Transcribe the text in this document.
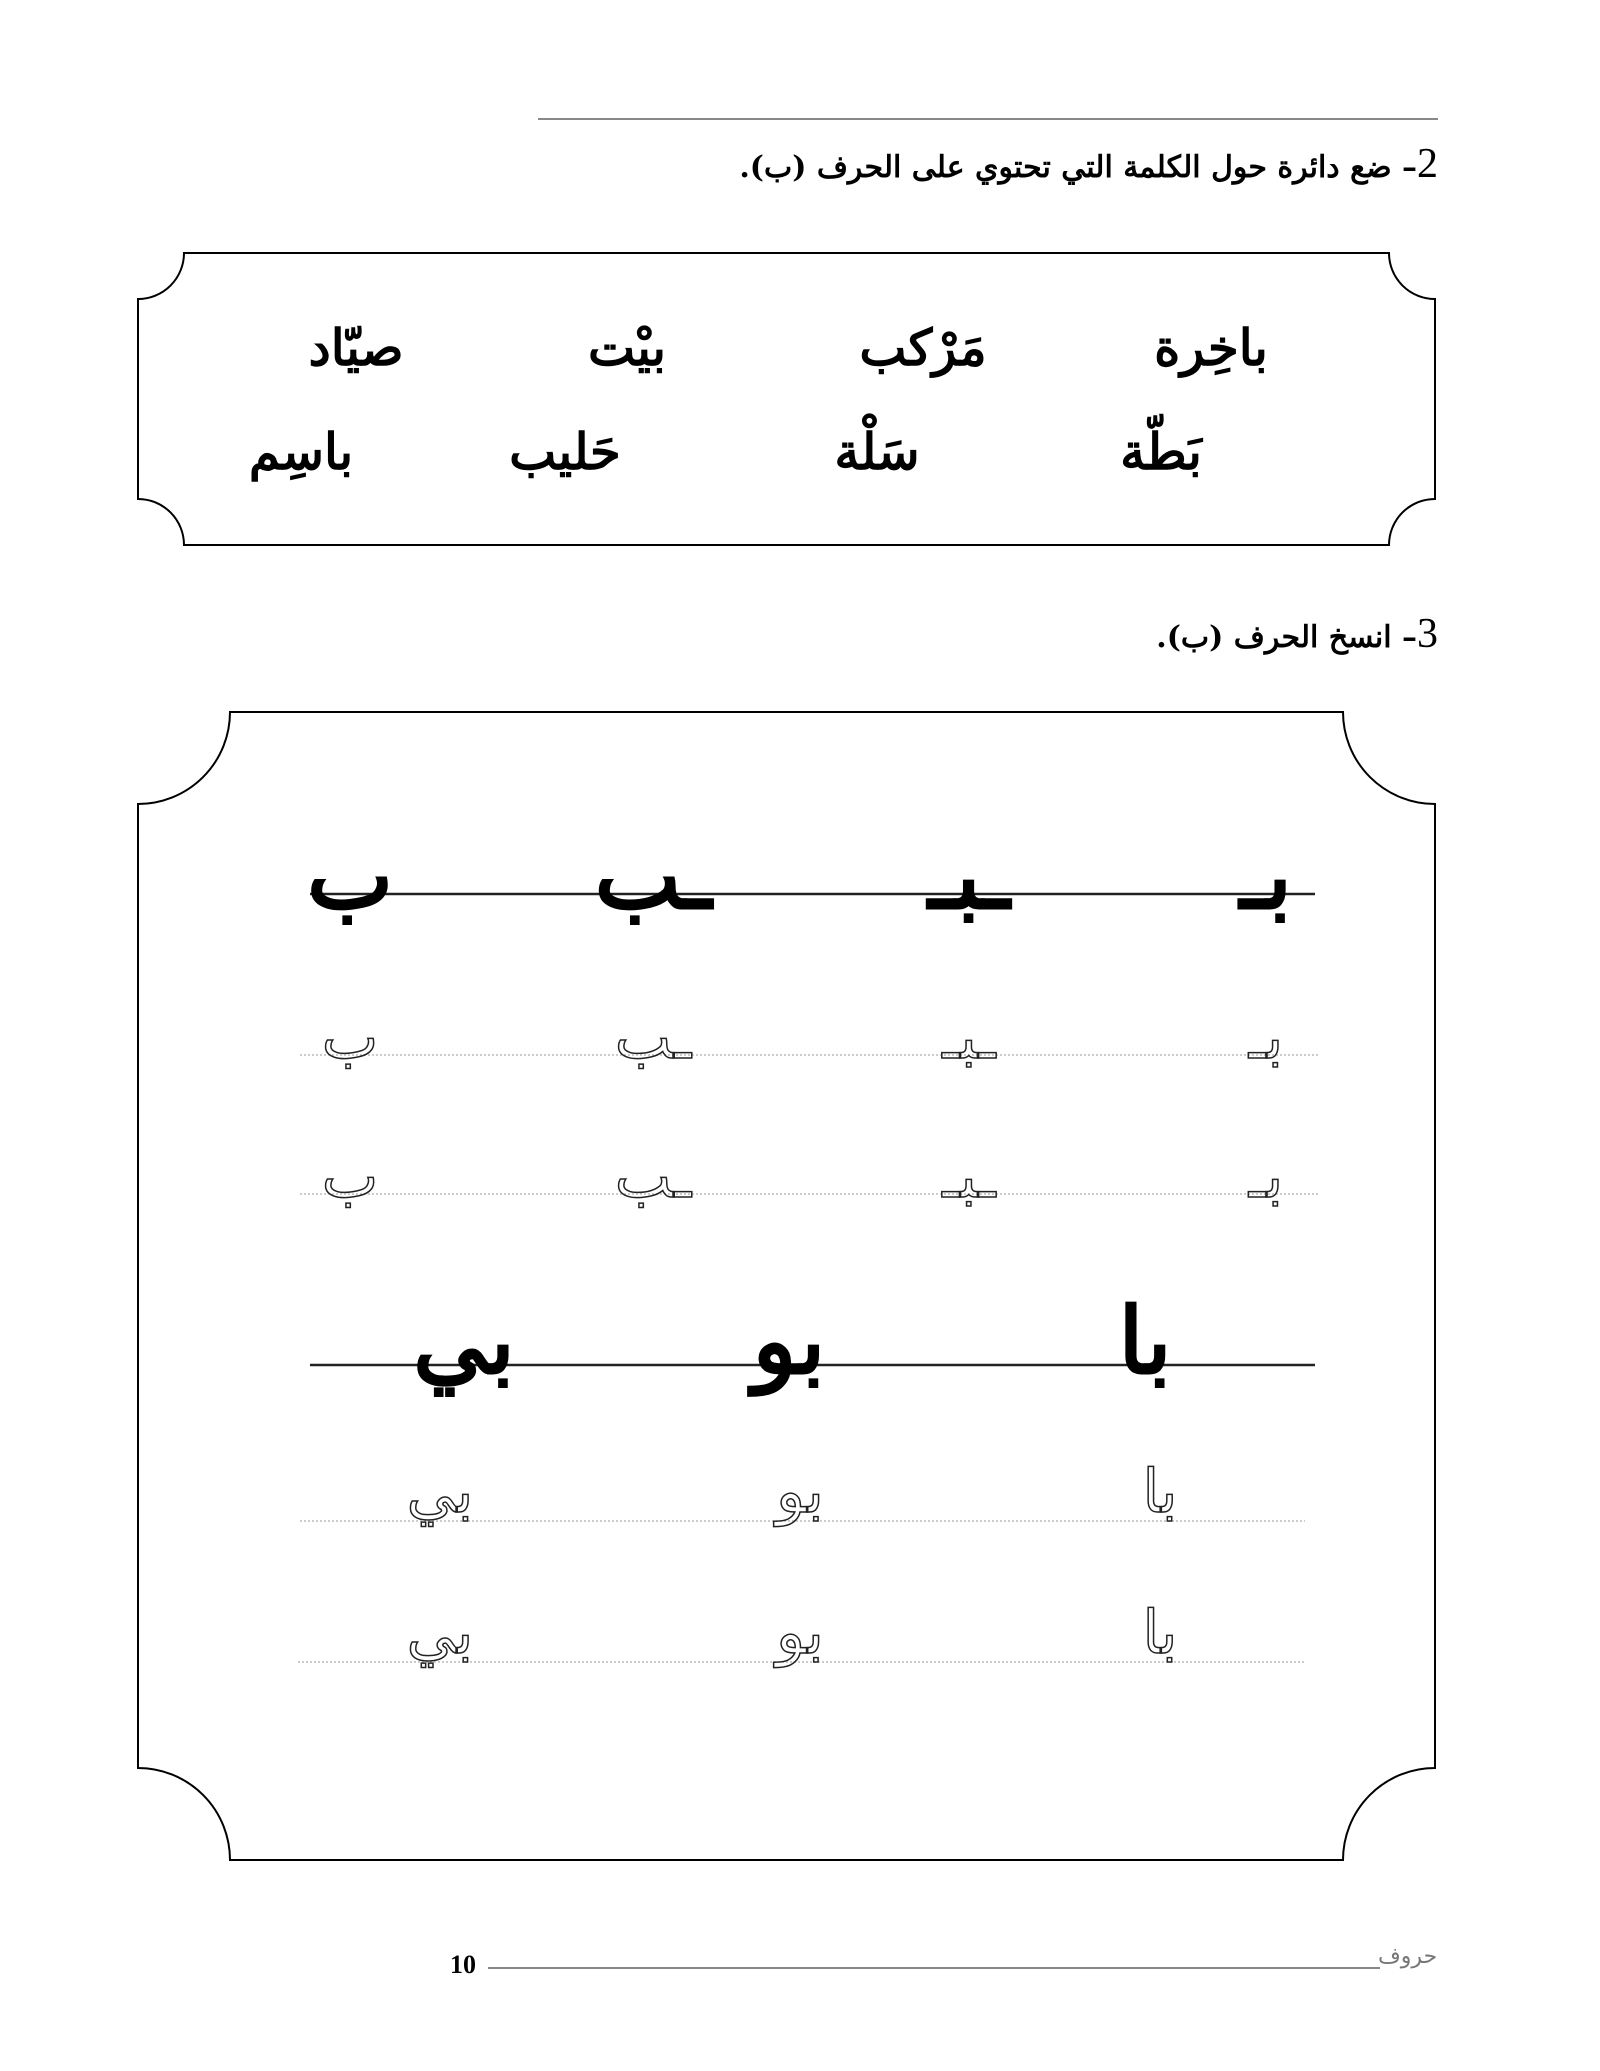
2– ضع دائرة حول الكلمة التي تحتوي على الحرف (ب).
باخِرة
مَرْكب
بيْت
صيّاد
بَطّة
سَلْة
حَليب
باسِم
3– انسخ الحرف (ب).
بـ
ـبـ
ـب
ب
بـ
ـبـ
ـب
ب
بـ
ـبـ
ـب
ب
با
بو
بي
با
بو
بي
با
بو
بي
10	حروف
